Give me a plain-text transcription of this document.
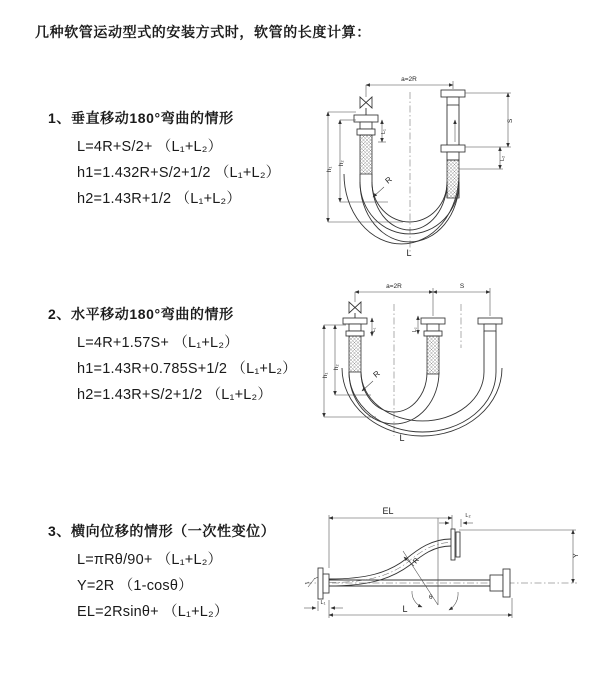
几种软管运动型式的安装方式时，软管的长度计算：
1、垂直移动180°弯曲的情形
L=4R+S/2+ （L₁+L₂）
h1=1.432R+S/2+1/2 （L₁+L₂）
h2=1.43R+1/2 （L₁+L₂）
2、水平移动180°弯曲的情形
L=4R+1.57S+ （L₁+L₂）
h1=1.43R+0.785S+1/2 （L₁+L₂）
h2=1.43R+S/2+1/2 （L₁+L₂）
3、横向位移的情形（一次性变位）
L=πRθ/90+ （L₁+L₂）
Y=2R （1-cosθ）
EL=2Rsinθ+ （L₁+L₂）
a=2R
h₁
h₂
L₁
S
L₂
R
L
a=2R	S
h₁
h₂
L₁	L₂
R
L
EL	L₂
Y
θ
R
L₁
L
